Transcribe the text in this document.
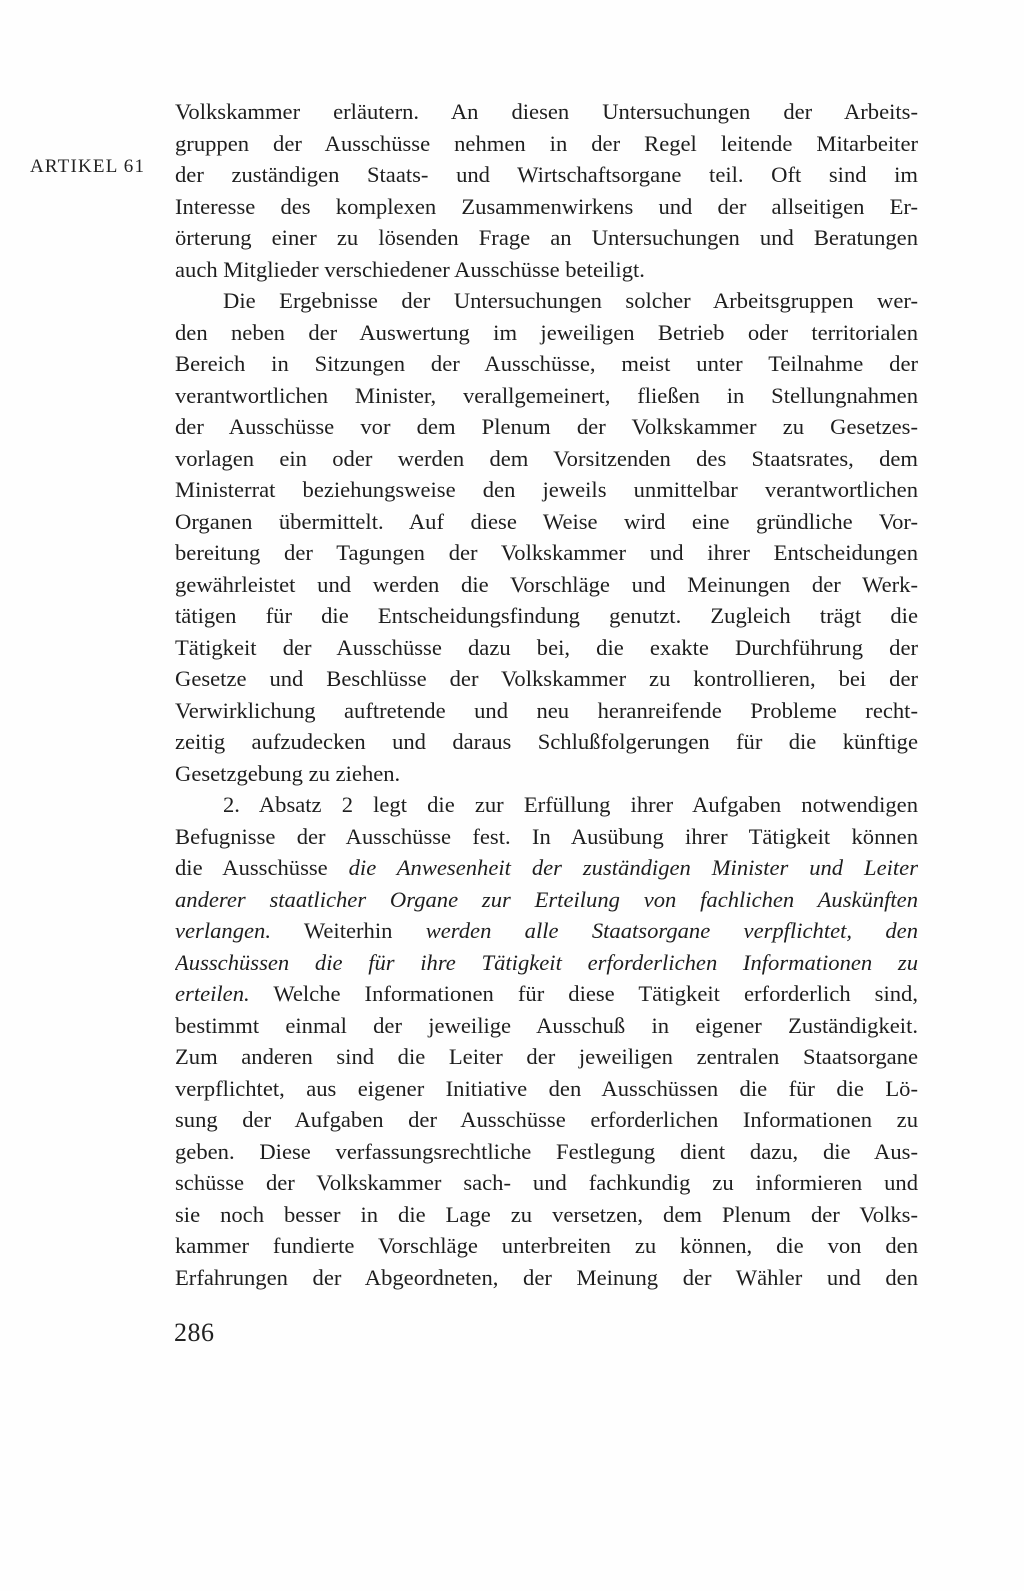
ARTIKEL 61
Volkskammer erläutern. An diesen Untersuchungen der Arbeits-
gruppen der Ausschüsse nehmen in der Regel leitende Mitarbeiter
der zuständigen Staats- und Wirtschaftsorgane teil. Oft sind im
Interesse des komplexen Zusammenwirkens und der allseitigen Er-
örterung einer zu lösenden Frage an Untersuchungen und Beratungen
auch Mitglieder verschiedener Ausschüsse beteiligt.
Die Ergebnisse der Untersuchungen solcher Arbeitsgruppen wer-
den neben der Auswertung im jeweiligen Betrieb oder territorialen
Bereich in Sitzungen der Ausschüsse, meist unter Teilnahme der
verantwortlichen Minister, verallgemeinert, fließen in Stellungnahmen
der Ausschüsse vor dem Plenum der Volkskammer zu Gesetzes-
vorlagen ein oder werden dem Vorsitzenden des Staatsrates, dem
Ministerrat beziehungsweise den jeweils unmittelbar verantwortlichen
Organen übermittelt. Auf diese Weise wird eine gründliche Vor-
bereitung der Tagungen der Volkskammer und ihrer Entscheidungen
gewährleistet und werden die Vorschläge und Meinungen der Werk-
tätigen für die Entscheidungsfindung genutzt. Zugleich trägt die
Tätigkeit der Ausschüsse dazu bei, die exakte Durchführung der
Gesetze und Beschlüsse der Volkskammer zu kontrollieren, bei der
Verwirklichung auftretende und neu heranreifende Probleme recht-
zeitig aufzudecken und daraus Schlußfolgerungen für die künftige
Gesetzgebung zu ziehen.
2. Absatz 2 legt die zur Erfüllung ihrer Aufgaben notwendigen
Befugnisse der Ausschüsse fest. In Ausübung ihrer Tätigkeit können
die Ausschüsse die Anwesenheit der zuständigen Minister und Leiter
anderer staatlicher Organe zur Erteilung von fachlichen Auskünften
verlangen. Weiterhin werden alle Staatsorgane verpflichtet, den
Ausschüssen die für ihre Tätigkeit erforderlichen Informationen zu
erteilen. Welche Informationen für diese Tätigkeit erforderlich sind,
bestimmt einmal der jeweilige Ausschuß in eigener Zuständigkeit.
Zum anderen sind die Leiter der jeweiligen zentralen Staatsorgane
verpflichtet, aus eigener Initiative den Ausschüssen die für die Lö-
sung der Aufgaben der Ausschüsse erforderlichen Informationen zu
geben. Diese verfassungsrechtliche Festlegung dient dazu, die Aus-
schüsse der Volkskammer sach- und fachkundig zu informieren und
sie noch besser in die Lage zu versetzen, dem Plenum der Volks-
kammer fundierte Vorschläge unterbreiten zu können, die von den
Erfahrungen der Abgeordneten, der Meinung der Wähler und den
286
